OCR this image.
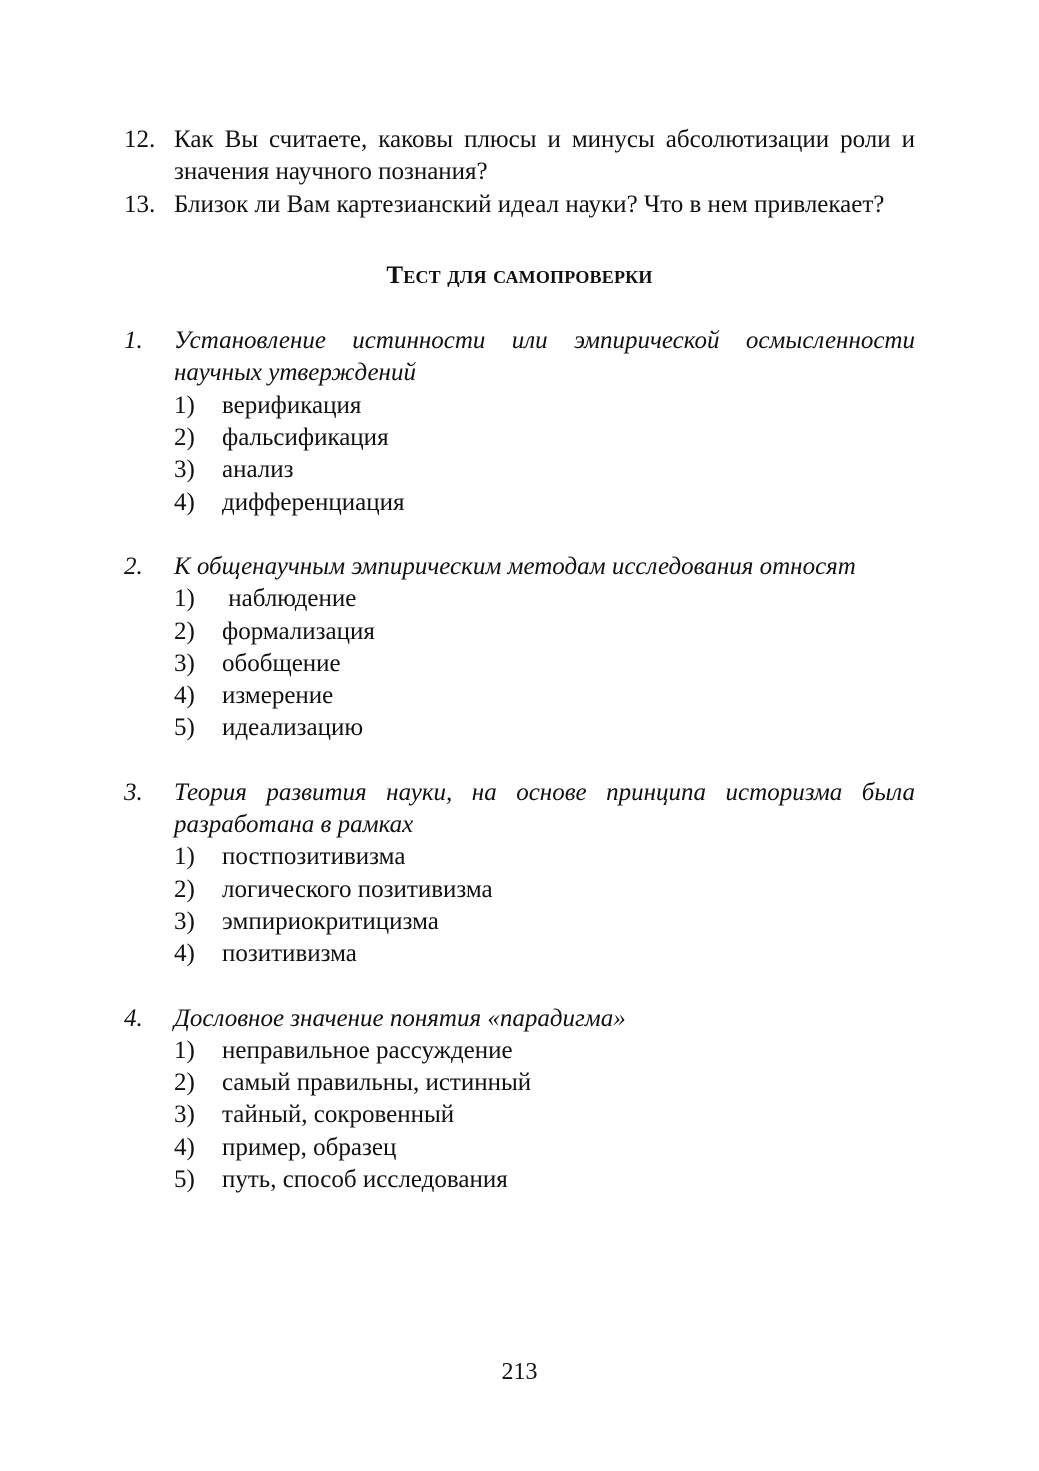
12. Как Вы считаете, каковы плюсы и минусы абсолютизации роли и значения научного познания?
13. Близок ли Вам картезианский идеал науки? Что в нем привлекает?
Тест для самопроверки
1.	Установление истинности или эмпирической осмысленности научных утверждений
1)	верификация
2)	фальсификация
3)	анализ
4)	дифференциация
2.	К общенаучным эмпирическим методам исследования относят
1)	наблюдение
2)	формализация
3)	обобщение
4)	измерение
5)	идеализацию
3.	Теория развития науки, на основе принципа историзма была разработана в рамках
1)	постпозитивизма
2)	логического позитивизма
3)	эмпириокритицизма
4)	позитивизма
4.	Дословное значение понятия «парадигма»
1)	неправильное рассуждение
2)	самый правильны, истинный
3)	тайный, сокровенный
4)	пример, образец
5)	путь, способ исследования
213
